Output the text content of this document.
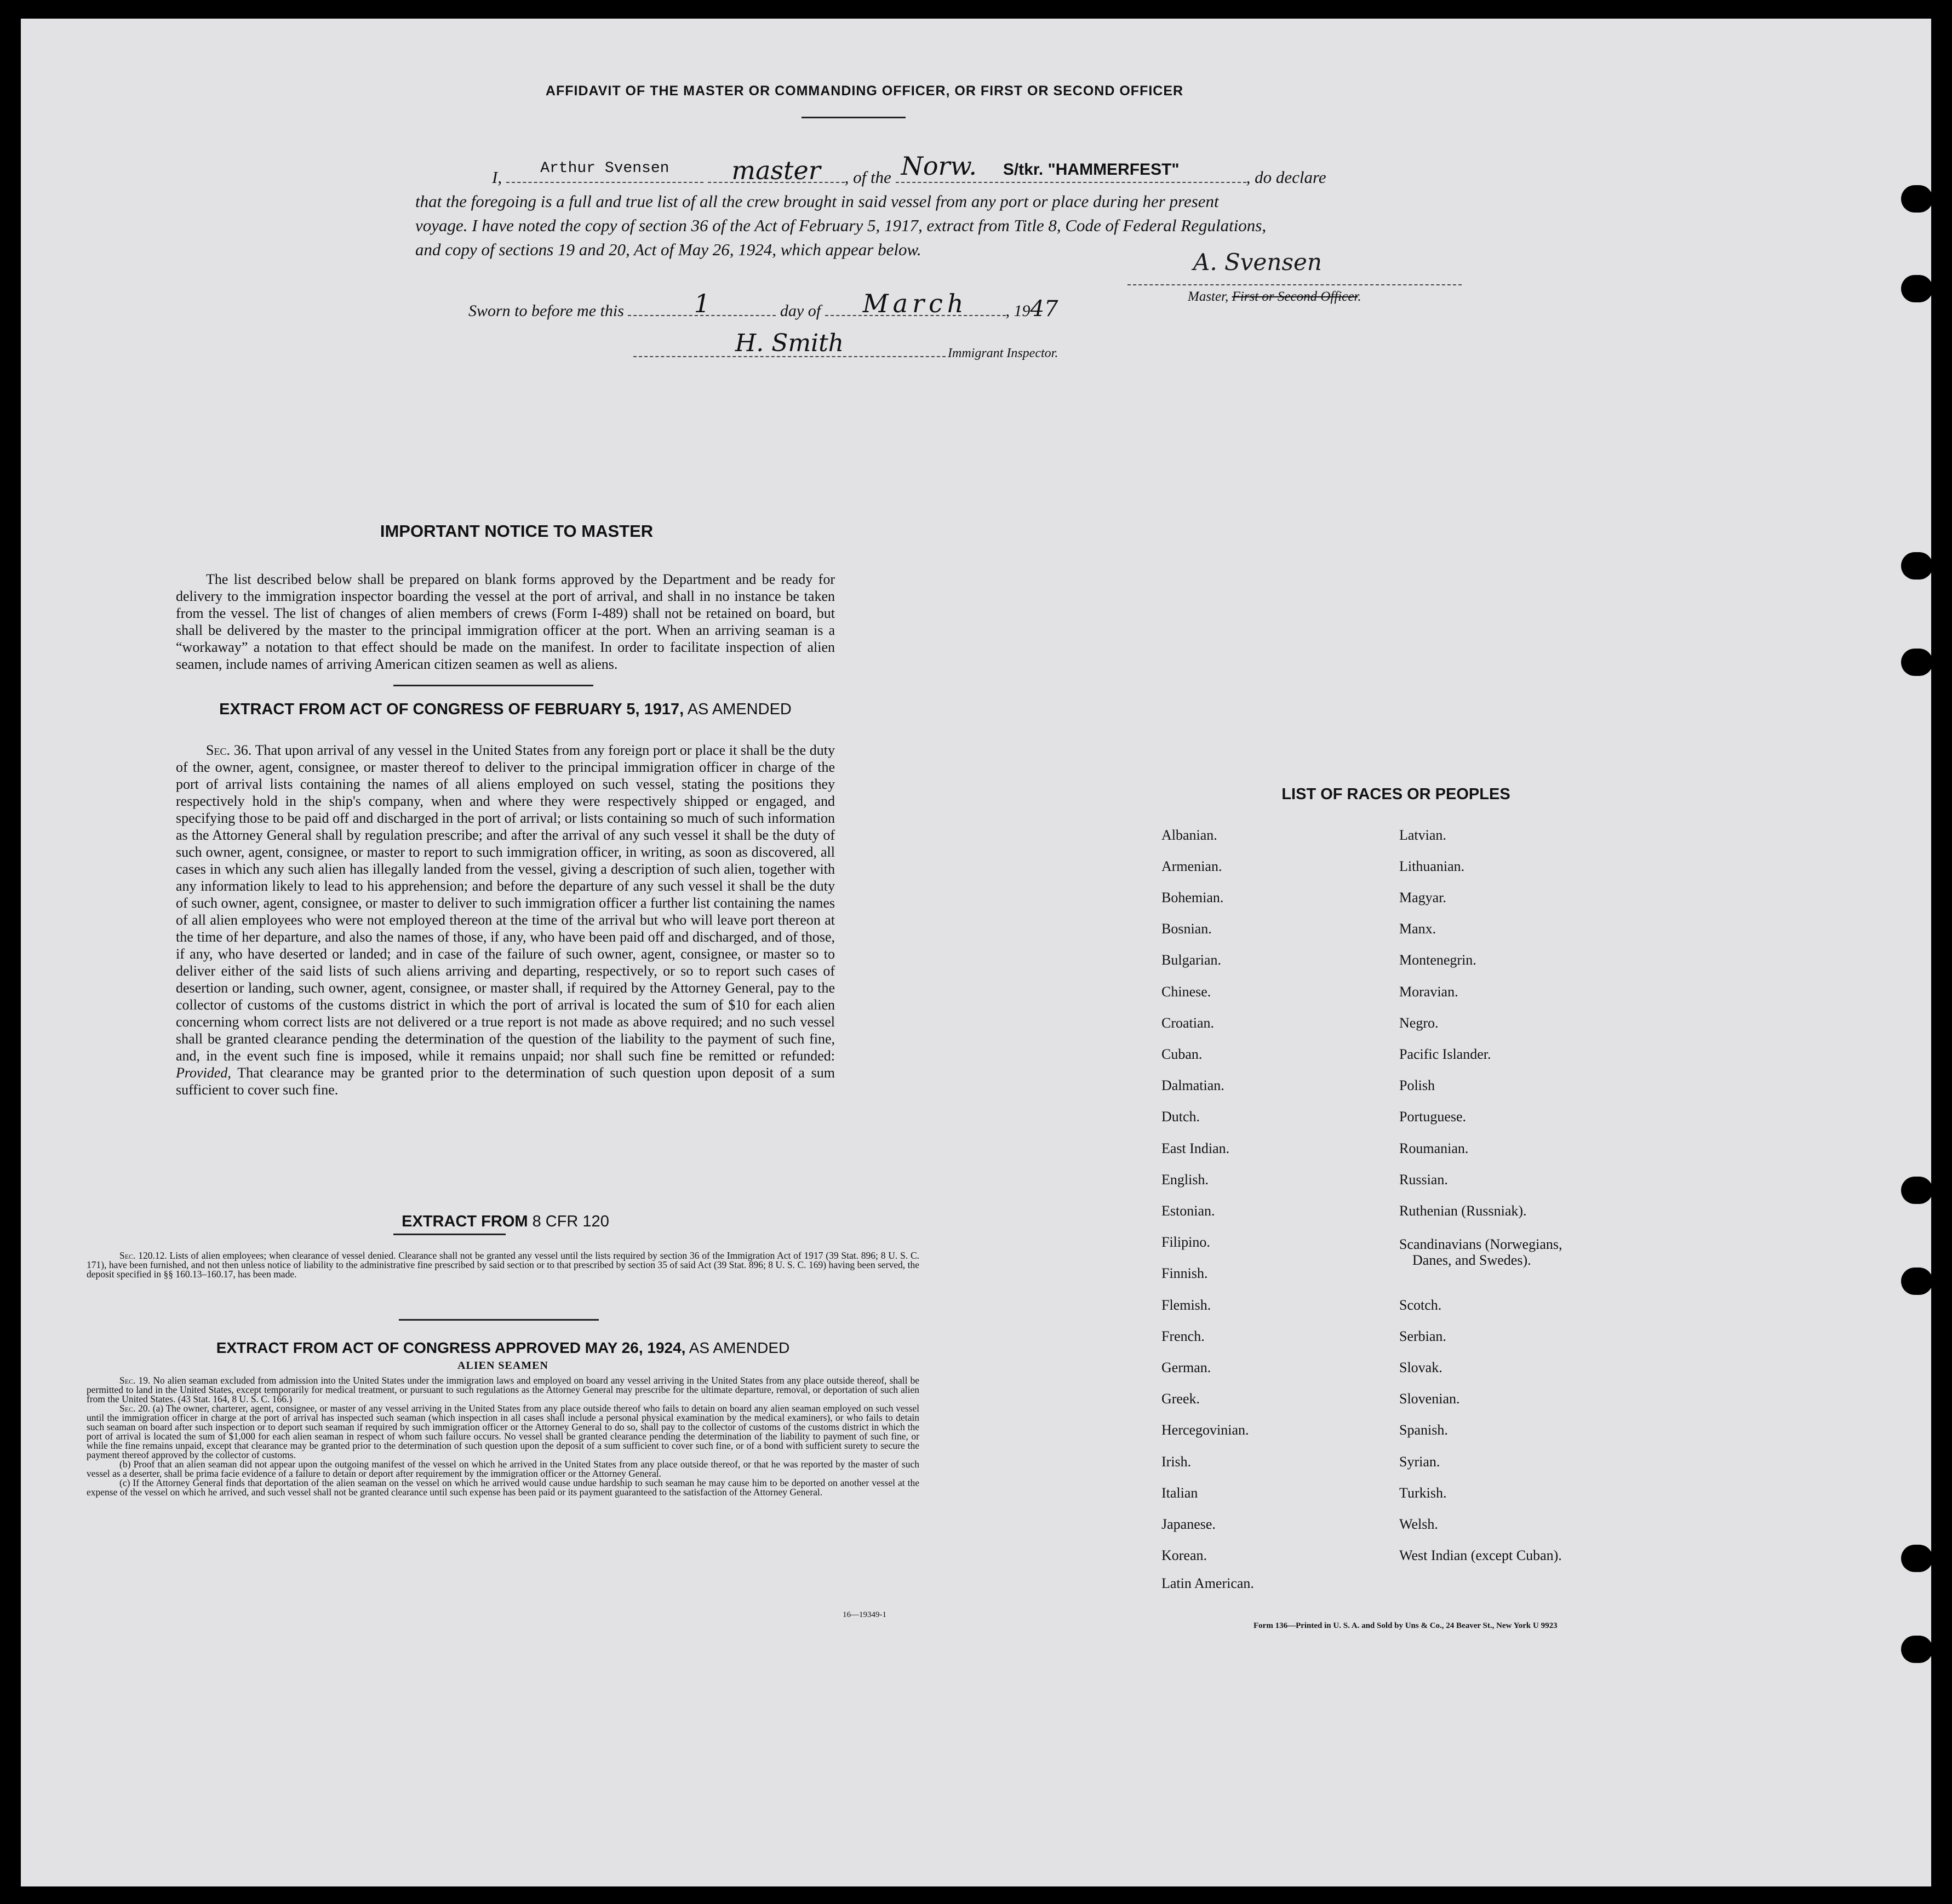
AFFIDAVIT OF THE MASTER OR COMMANDING OFFICER, OR FIRST OR SECOND OFFICER
I,	Arthur Svensen
	master	, of the Norw. S/tkr. "HAMMERFEST"	, do declare
that the foregoing is a full and true list of all the crew brought in said vessel from any port or place during her present
voyage. I have noted the copy of section 36 of the Act of February 5, 1917, extract from Title 8, Code of Federal Regulations,
and copy of sections 19 and 20, Act of May 26, 1924, which appear below.	A. Svensen
Master, First or Second Officer.
Sworn to before me this	1	day of	March	, 1947
H. Smith	Immigrant Inspector.
IMPORTANT NOTICE TO MASTER

The list described below shall be prepared on blank forms approved by the Department and be ready for delivery to the immigration inspector boarding the vessel at the port of arrival, and shall in no instance be taken from the vessel. The list of changes of alien members of crews (Form I-489) shall not be retained on board, but shall be delivered by the master to the principal immigration officer at the port. When an arriving seaman is a “workaway” a notation to that effect should be made on the manifest. In order to facilitate inspection of alien seamen, include names of arriving American citizen seamen as well as aliens.

EXTRACT FROM ACT OF CONGRESS OF FEBRUARY 5, 1917, AS AMENDED

Sec. 36. That upon arrival of any vessel in the United States from any foreign port or place it shall be the duty of the owner, agent, consignee, or master thereof to deliver to the principal immigration officer in charge of the port of arrival lists containing the names of all aliens employed on such vessel, stating the positions they respectively hold in the ship's company, when and where they were respectively shipped or engaged, and specifying those to be paid off and discharged in the port of arrival; or lists containing so much of such information as the Attorney General shall by regulation prescribe; and after the arrival of any such vessel it shall be the duty of such owner, agent, consignee, or master to report to such immigration officer, in writing, as soon as discovered, all cases in which any such alien has illegally landed from the vessel, giving a description of such alien, together with any information likely to lead to his apprehension; and before the departure of any such vessel it shall be the duty of such owner, agent, consignee, or master to deliver to such immigration officer a further list containing the names of all alien employees who were not employed thereon at the time of the arrival but who will leave port thereon at the time of her departure, and also the names of those, if any, who have been paid off and discharged, and of those, if any, who have deserted or landed; and in case of the failure of such owner, agent, consignee, or master so to deliver either of the said lists of such aliens arriving and departing, respectively, or so to report such cases of desertion or landing, such owner, agent, consignee, or master shall, if required by the Attorney General, pay to the collector of customs of the customs district in which the port of arrival is located the sum of $10 for each alien concerning whom correct lists are not delivered or a true report is not made as above required; and no such vessel shall be granted clearance pending the determination of the question of the liability to the payment of such fine, and, in the event such fine is imposed, while it remains unpaid; nor shall such fine be remitted or refunded: Provided, That clearance may be granted prior to the determination of such question upon deposit of a sum sufficient to cover such fine.

EXTRACT FROM 8 CFR 120

Sec. 120.12. Lists of alien employees; when clearance of vessel denied. Clearance shall not be granted any vessel until the lists required by section 36 of the Immigration Act of 1917 (39 Stat. 896; 8 U. S. C. 171), have been furnished, and not then unless notice of liability to the administrative fine prescribed by said section or to that prescribed by section 35 of said Act (39 Stat. 896; 8 U. S. C. 169) having been served, the deposit specified in §§ 160.13–160.17, has been made.

EXTRACT FROM ACT OF CONGRESS APPROVED MAY 26, 1924, AS AMENDED
ALIEN SEAMEN

Sec. 19. No alien seaman excluded from admission into the United States under the immigration laws and employed on board any vessel arriving in the United States from any place outside thereof, shall be permitted to land in the United States, except temporarily for medical treatment, or pursuant to such regulations as the Attorney General may prescribe for the ultimate departure, removal, or deportation of such alien from the United States. (43 Stat. 164, 8 U. S. C. 166.)

Sec. 20. (a) The owner, charterer, agent, consignee, or master of any vessel arriving in the United States from any place outside thereof who fails to detain on board any alien seaman employed on such vessel until the immigration officer in charge at the port of arrival has inspected such seaman (which inspection in all cases shall include a personal physical examination by the medical examiners), or who fails to detain such seaman on board after such inspection or to deport such seaman if required by such immigration officer or the Attorney General to do so, shall pay to the collector of customs of the customs district in which the port of arrival is located the sum of $1,000 for each alien seaman in respect of whom such failure occurs. No vessel shall be granted clearance pending the determination of the liability to payment of such fine, or while the fine remains unpaid, except that clearance may be granted prior to the determination of such question upon the deposit of a sum sufficient to cover such fine, or of a bond with sufficient surety to secure the payment thereof approved by the collector of customs.

(b) Proof that an alien seaman did not appear upon the outgoing manifest of the vessel on which he arrived in the United States from any place outside thereof, or that he was reported by the master of such vessel as a deserter, shall be prima facie evidence of a failure to detain or deport after requirement by the immigration officer or the Attorney General.

(c) If the Attorney General finds that deportation of the alien seaman on the vessel on which he arrived would cause undue hardship to such seaman he may cause him to be deported on another vessel at the expense of the vessel on which he arrived, and such vessel shall not be granted clearance until such expense has been paid or its payment guaranteed to the satisfaction of the Attorney General.

16—19349-1
LIST OF RACES OR PEOPLES
Albanian.
Armenian.
Bohemian.
Bosnian.
Bulgarian.
Chinese.
Croatian.
Cuban.
Dalmatian.
Dutch.
East Indian.
English.
Estonian.
Filipino.
Finnish.
Flemish.
French.
German.
Greek.
Hercegovinian.
Irish.
Italian
Japanese.
Korean.
Latin American.
Latvian.
Lithuanian.
Magyar.
Manx.
Montenegrin.
Moravian.
Negro.
Pacific Islander.
Polish
Portuguese.
Roumanian.
Russian.
Ruthenian (Russniak).
Scandinavians (Norwegians,
Danes, and Swedes).
Scotch.
Serbian.
Slovak.
Slovenian.
Spanish.
Syrian.
Turkish.
Welsh.
West Indian (except Cuban).
Form 136—Printed in U. S. A. and Sold by Uns & Co., 24 Beaver St., New York U 9923
